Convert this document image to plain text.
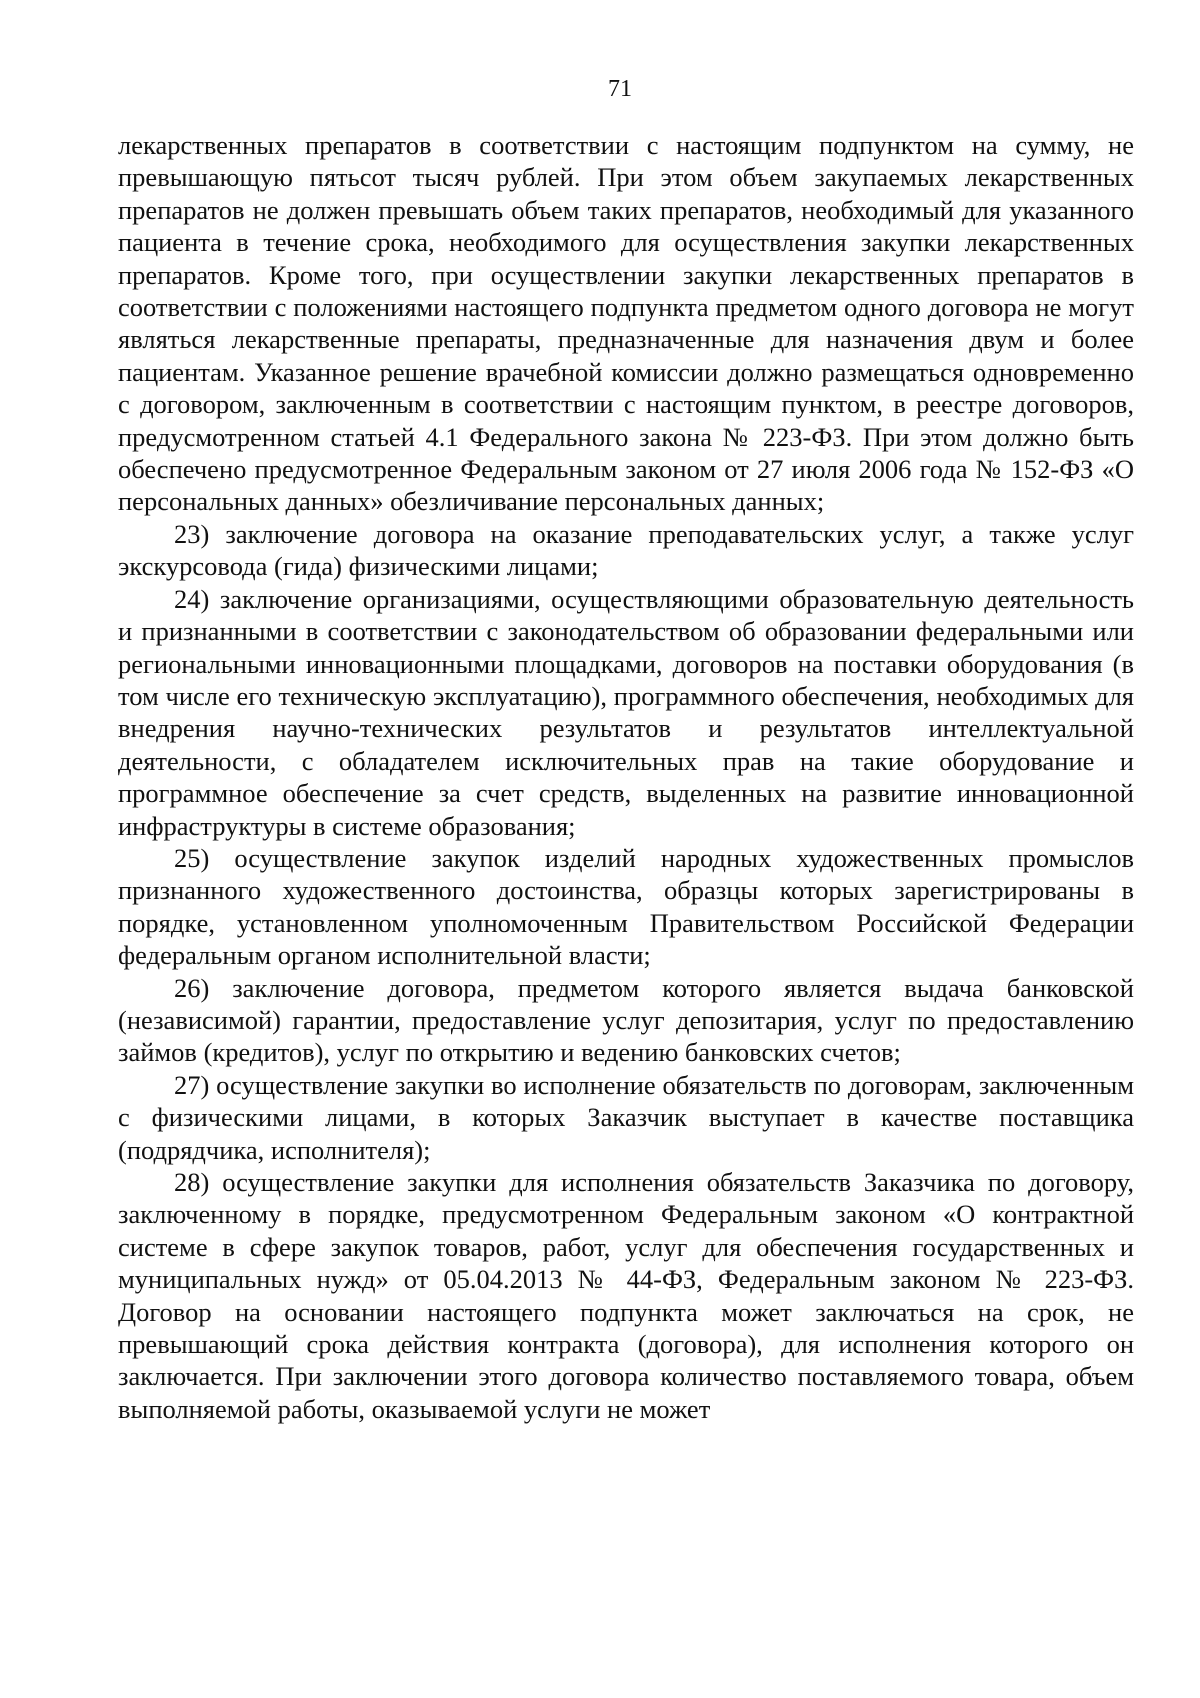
71

лекарственных препаратов в соответствии с настоящим подпунктом на сумму, не превышающую пятьсот тысяч рублей. При этом объем закупаемых лекарственных препаратов не должен превышать объем таких препаратов, необходимый для указанного пациента в течение срока, необходимого для осуществления закупки лекарственных препаратов. Кроме того, при осуществлении закупки лекарственных препаратов в соответствии с положениями настоящего подпункта предметом одного договора не могут являться лекарственные препараты, предназначенные для назначения двум и более пациентам. Указанное решение врачебной комиссии должно размещаться одновременно с договором, заключенным в соответствии с настоящим пунктом, в реестре договоров, предусмотренном статьей 4.1 Федерального закона № 223-ФЗ. При этом должно быть обеспечено предусмотренное Федеральным законом от 27 июля 2006 года № 152-ФЗ «О персональных данных» обезличивание персональных данных;

23) заключение договора на оказание преподавательских услуг, а также услуг экскурсовода (гида) физическими лицами;

24) заключение организациями, осуществляющими образовательную деятельность и признанными в соответствии с законодательством об образовании федеральными или региональными инновационными площадками, договоров на поставки оборудования (в том числе его техническую эксплуатацию), программного обеспечения, необходимых для внедрения научно-технических результатов и результатов интеллектуальной деятельности, с обладателем исключительных прав на такие оборудование и программное обеспечение за счет средств, выделенных на развитие инновационной инфраструктуры в системе образования;

25) осуществление закупок изделий народных художественных промыслов признанного художественного достоинства, образцы которых зарегистрированы в порядке, установленном уполномоченным Правительством Российской Федерации федеральным органом исполнительной власти;

26) заключение договора, предметом которого является выдача банковской (независимой) гарантии, предоставление услуг депозитария, услуг по предоставлению займов (кредитов), услуг по открытию и ведению банковских счетов;

27) осуществление закупки во исполнение обязательств по договорам, заключенным с физическими лицами, в которых Заказчик выступает в качестве поставщика (подрядчика, исполнителя);

28) осуществление закупки для исполнения обязательств Заказчика по договору, заключенному в порядке, предусмотренном Федеральным законом «О контрактной системе в сфере закупок товаров, работ, услуг для обеспечения государственных и муниципальных нужд» от 05.04.2013 № 44-ФЗ, Федеральным законом № 223-ФЗ. Договор на основании настоящего подпункта может заключаться на срок, не превышающий срока действия контракта (договора), для исполнения которого он заключается. При заключении этого договора количество поставляемого товара, объем выполняемой работы, оказываемой услуги не может
